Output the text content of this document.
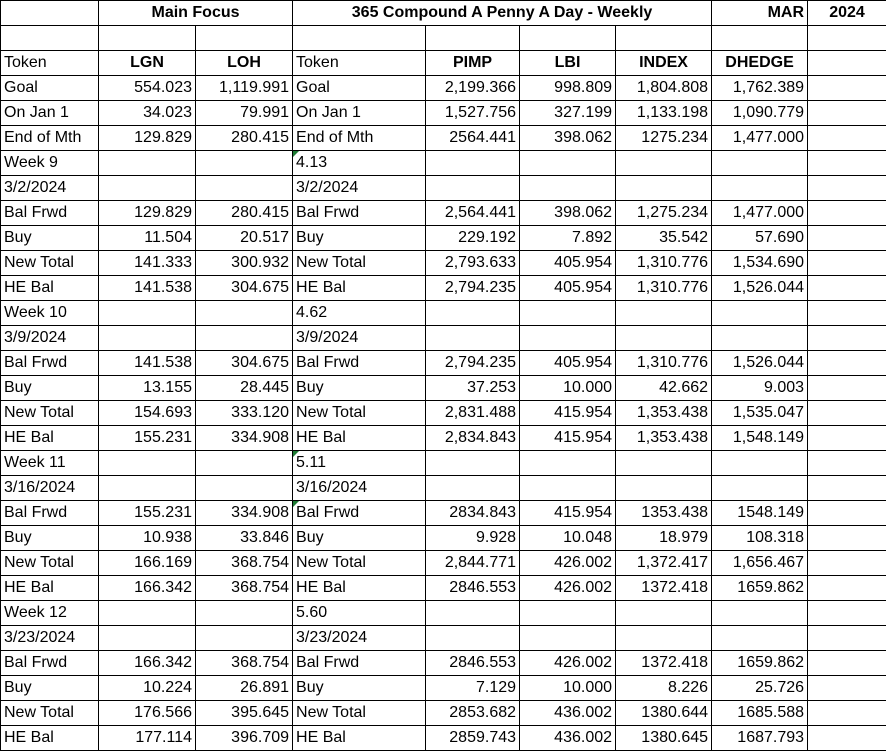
	Main Focus		365 Compound A Penny A Day - Weekly				MAR	2024

Token	LGN	LOH	Token	PIMP	LBI	INDEX	DHEDGE	
Goal	554.023	1,119.991	Goal	2,199.366	998.809	1,804.808	1,762.389	
On Jan 1	34.023	79.991	On Jan 1	1,527.756	327.199	1,133.198	1,090.779	
End of Mth	129.829	280.415	End of Mth	2564.441	398.062	1275.234	1,477.000	
Week 9			4.13					
3/2/2024			3/2/2024					
Bal Frwd	129.829	280.415	Bal Frwd	2,564.441	398.062	1,275.234	1,477.000	
Buy	11.504	20.517	Buy	229.192	7.892	35.542	57.690	
New Total	141.333	300.932	New Total	2,793.633	405.954	1,310.776	1,534.690	
HE Bal	141.538	304.675	HE Bal	2,794.235	405.954	1,310.776	1,526.044	
Week 10			4.62					
3/9/2024			3/9/2024					
Bal Frwd	141.538	304.675	Bal Frwd	2,794.235	405.954	1,310.776	1,526.044	
Buy	13.155	28.445	Buy	37.253	10.000	42.662	9.003	
New Total	154.693	333.120	New Total	2,831.488	415.954	1,353.438	1,535.047	
HE Bal	155.231	334.908	HE Bal	2,834.843	415.954	1,353.438	1,548.149	
Week 11			5.11					
3/16/2024			3/16/2024					
Bal Frwd	155.231	334.908	Bal Frwd	2834.843	415.954	1353.438	1548.149	
Buy	10.938	33.846	Buy	9.928	10.048	18.979	108.318	
New Total	166.169	368.754	New Total	2,844.771	426.002	1,372.417	1,656.467	
HE Bal	166.342	368.754	HE Bal	2846.553	426.002	1372.418	1659.862	
Week 12			5.60					
3/23/2024			3/23/2024					
Bal Frwd	166.342	368.754	Bal Frwd	2846.553	426.002	1372.418	1659.862	
Buy	10.224	26.891	Buy	7.129	10.000	8.226	25.726	
New Total	176.566	395.645	New Total	2853.682	436.002	1380.644	1685.588	
HE Bal	177.114	396.709	HE Bal	2859.743	436.002	1380.645	1687.793	
